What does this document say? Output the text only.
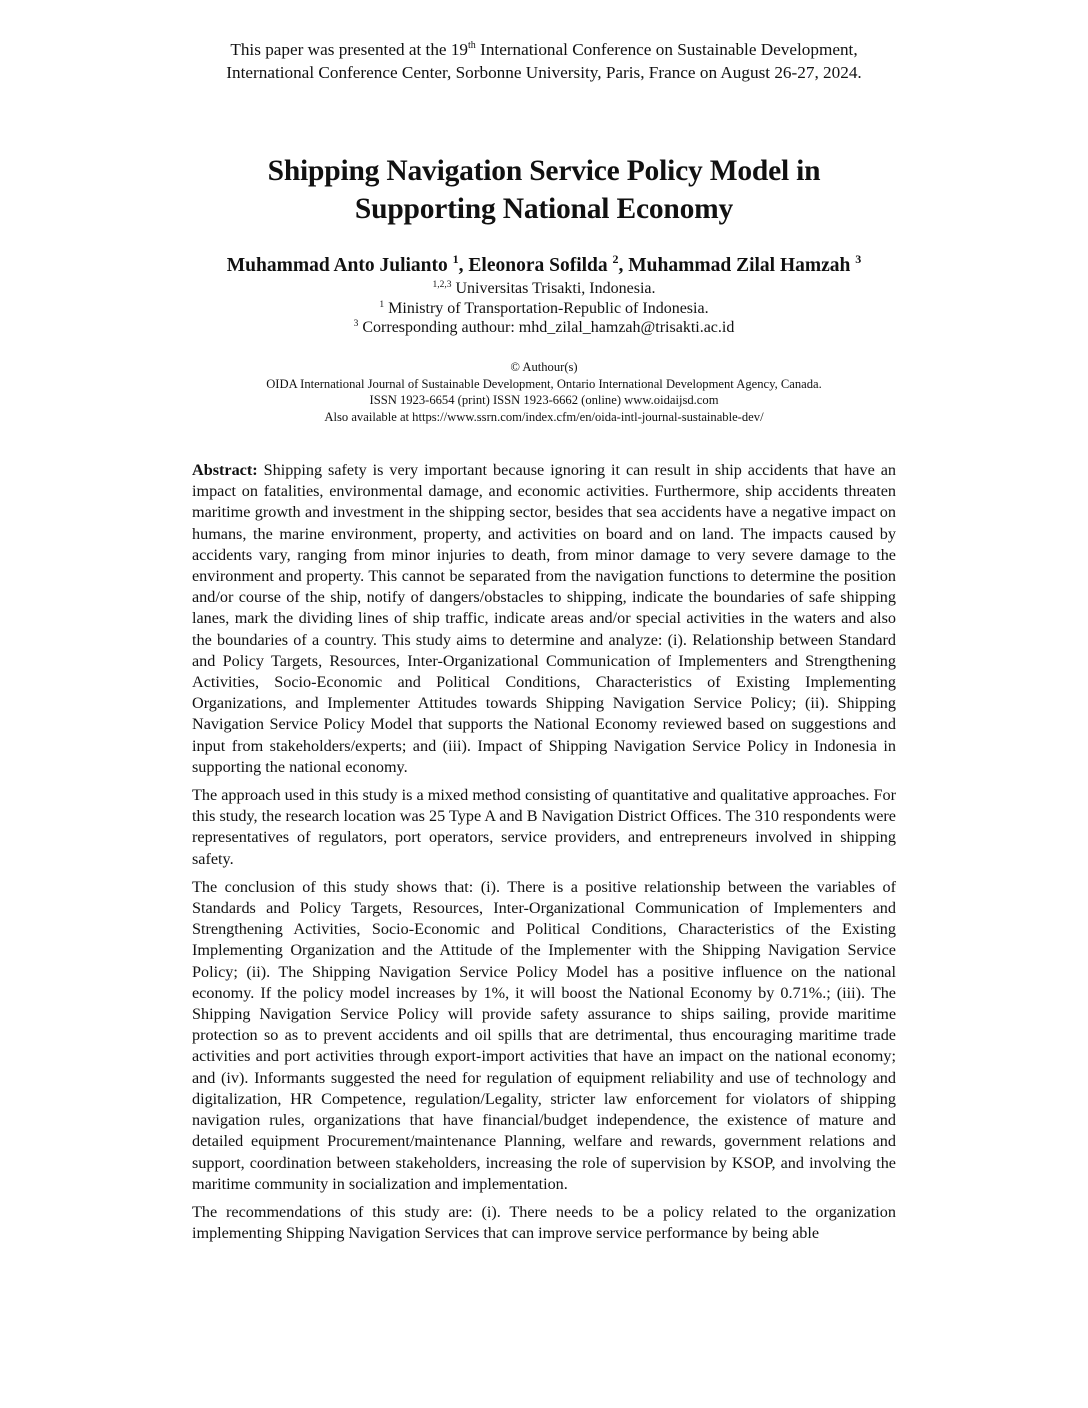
This paper was presented at the 19th International Conference on Sustainable Development,
International Conference Center, Sorbonne University, Paris, France on August 26-27, 2024.
Shipping Navigation Service Policy Model in
Supporting National Economy
Muhammad Anto Julianto $^1$, Eleonora Sofilda $^2$, Muhammad Zilal Hamzah $^3$
$^{1,2,3}$ Universitas Trisakti, Indonesia.
$^1$ Ministry of Transportation-Republic of Indonesia.
$^3$ Corresponding authour: mhd_zilal_hamzah@trisakti.ac.id
© Authour(s)
OIDA International Journal of Sustainable Development, Ontario International Development Agency, Canada.
ISSN 1923-6654 (print) ISSN 1923-6662 (online) www.oidaijsd.com
Also available at https://www.ssrn.com/index.cfm/en/oida-intl-journal-sustainable-dev/

Abstract: Shipping safety is very important because ignoring it can result in ship accidents that have an impact on fatalities, environmental damage, and economic activities. Furthermore, ship accidents threaten maritime growth and investment in the shipping sector, besides that sea accidents have a negative impact on humans, the marine environment, property, and activities on board and on land. The impacts caused by accidents vary, ranging from minor injuries to death, from minor damage to very severe damage to the environment and property. This cannot be separated from the navigation functions to determine the position and/or course of the ship, notify of dangers/obstacles to shipping, indicate the boundaries of safe shipping lanes, mark the dividing lines of ship traffic, indicate areas and/or special activities in the waters and also the boundaries of a country. This study aims to determine and analyze: (i). Relationship between Standard and Policy Targets, Resources, Inter-Organizational Communication of Implementers and Strengthening Activities, Socio-Economic and Political Conditions, Characteristics of Existing Implementing Organizations, and Implementer Attitudes towards Shipping Navigation Service Policy; (ii). Shipping Navigation Service Policy Model that supports the National Economy reviewed based on suggestions and input from stakeholders/experts; and (iii). Impact of Shipping Navigation Service Policy in Indonesia in supporting the national economy.

The approach used in this study is a mixed method consisting of quantitative and qualitative approaches. For this study, the research location was 25 Type A and B Navigation District Offices. The 310 respondents were representatives of regulators, port operators, service providers, and entrepreneurs involved in shipping safety.

The conclusion of this study shows that: (i). There is a positive relationship between the variables of Standards and Policy Targets, Resources, Inter-Organizational Communication of Implementers and Strengthening Activities, Socio-Economic and Political Conditions, Characteristics of the Existing Implementing Organization and the Attitude of the Implementer with the Shipping Navigation Service Policy; (ii). The Shipping Navigation Service Policy Model has a positive influence on the national economy. If the policy model increases by 1%, it will boost the National Economy by 0.71%.; (iii). The Shipping Navigation Service Policy will provide safety assurance to ships sailing, provide maritime protection so as to prevent accidents and oil spills that are detrimental, thus encouraging maritime trade activities and port activities through export-import activities that have an impact on the national economy; and (iv). Informants suggested the need for regulation of equipment reliability and use of technology and digitalization, HR Competence, regulation/Legality, stricter law enforcement for violators of shipping navigation rules, organizations that have financial/budget independence, the existence of mature and detailed equipment Procurement/maintenance Planning, welfare and rewards, government relations and support, coordination between stakeholders, increasing the role of supervision by KSOP, and involving the maritime community in socialization and implementation.

The recommendations of this study are: (i). There needs to be a policy related to the organization implementing Shipping Navigation Services that can improve service performance by being able
